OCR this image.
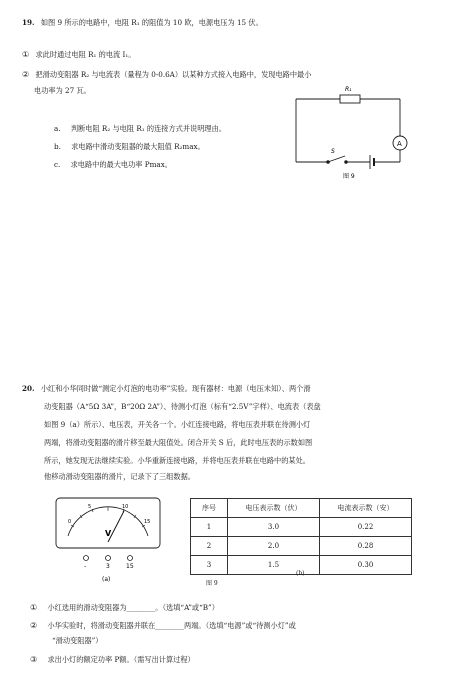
19. 如图 9 所示的电路中，电阻 R₁ 的阻值为 10 欧，电源电压为 15 伏。
① 求此时通过电阻 R₁ 的电流 I₁。
② 把滑动变阻器 R₂ 与电流表（量程为 0-0.6A）以某种方式接入电路中，发现电路中最小
电功率为 27 瓦。
a. 判断电阻 R₂ 与电阻 R₁ 的连接方式并说明理由。
b. 求电路中滑动变阻器的最大阻值 R₂max。
c. 求电路中的最大电功率 Pmax。
R₁
A
S
图 9
20. 小红和小华同时做“测定小灯泡的电功率”实验。现有器材：电源（电压未知）、两个滑
动变阻器（A“5Ω 3A”，B“20Ω 2A”）、待测小灯泡（标有“2.5V”字样）、电流表（表盘
如图 9（a）所示）、电压表，开关各一个。小红连接电路，将电压表并联在待测小灯
两端，将滑动变阻器的滑片移至最大阻值处。闭合开关 S 后，此时电压表的示数如图
所示，她发现无法继续实验。小华重新连接电路，并将电压表并联在电路中的某处。
他移动滑动变阻器的滑片，记录下了三组数据。
0
5	10
15
V
-	3	15
(a)
序号	电压表示数（伏）	电流表示数（安）
1	3.0	0.22
2	2.0	0.28
3	1.5	0.30
(b)
图 9
① 小红选用的滑动变阻器为________。（选填“A”或“B”）
② 小华实验时，将滑动变阻器并联在________两端。（选填“电源”或“待测小灯”或
“滑动变阻器”）
③ 求出小灯的额定功率 P额。（需写出计算过程）
